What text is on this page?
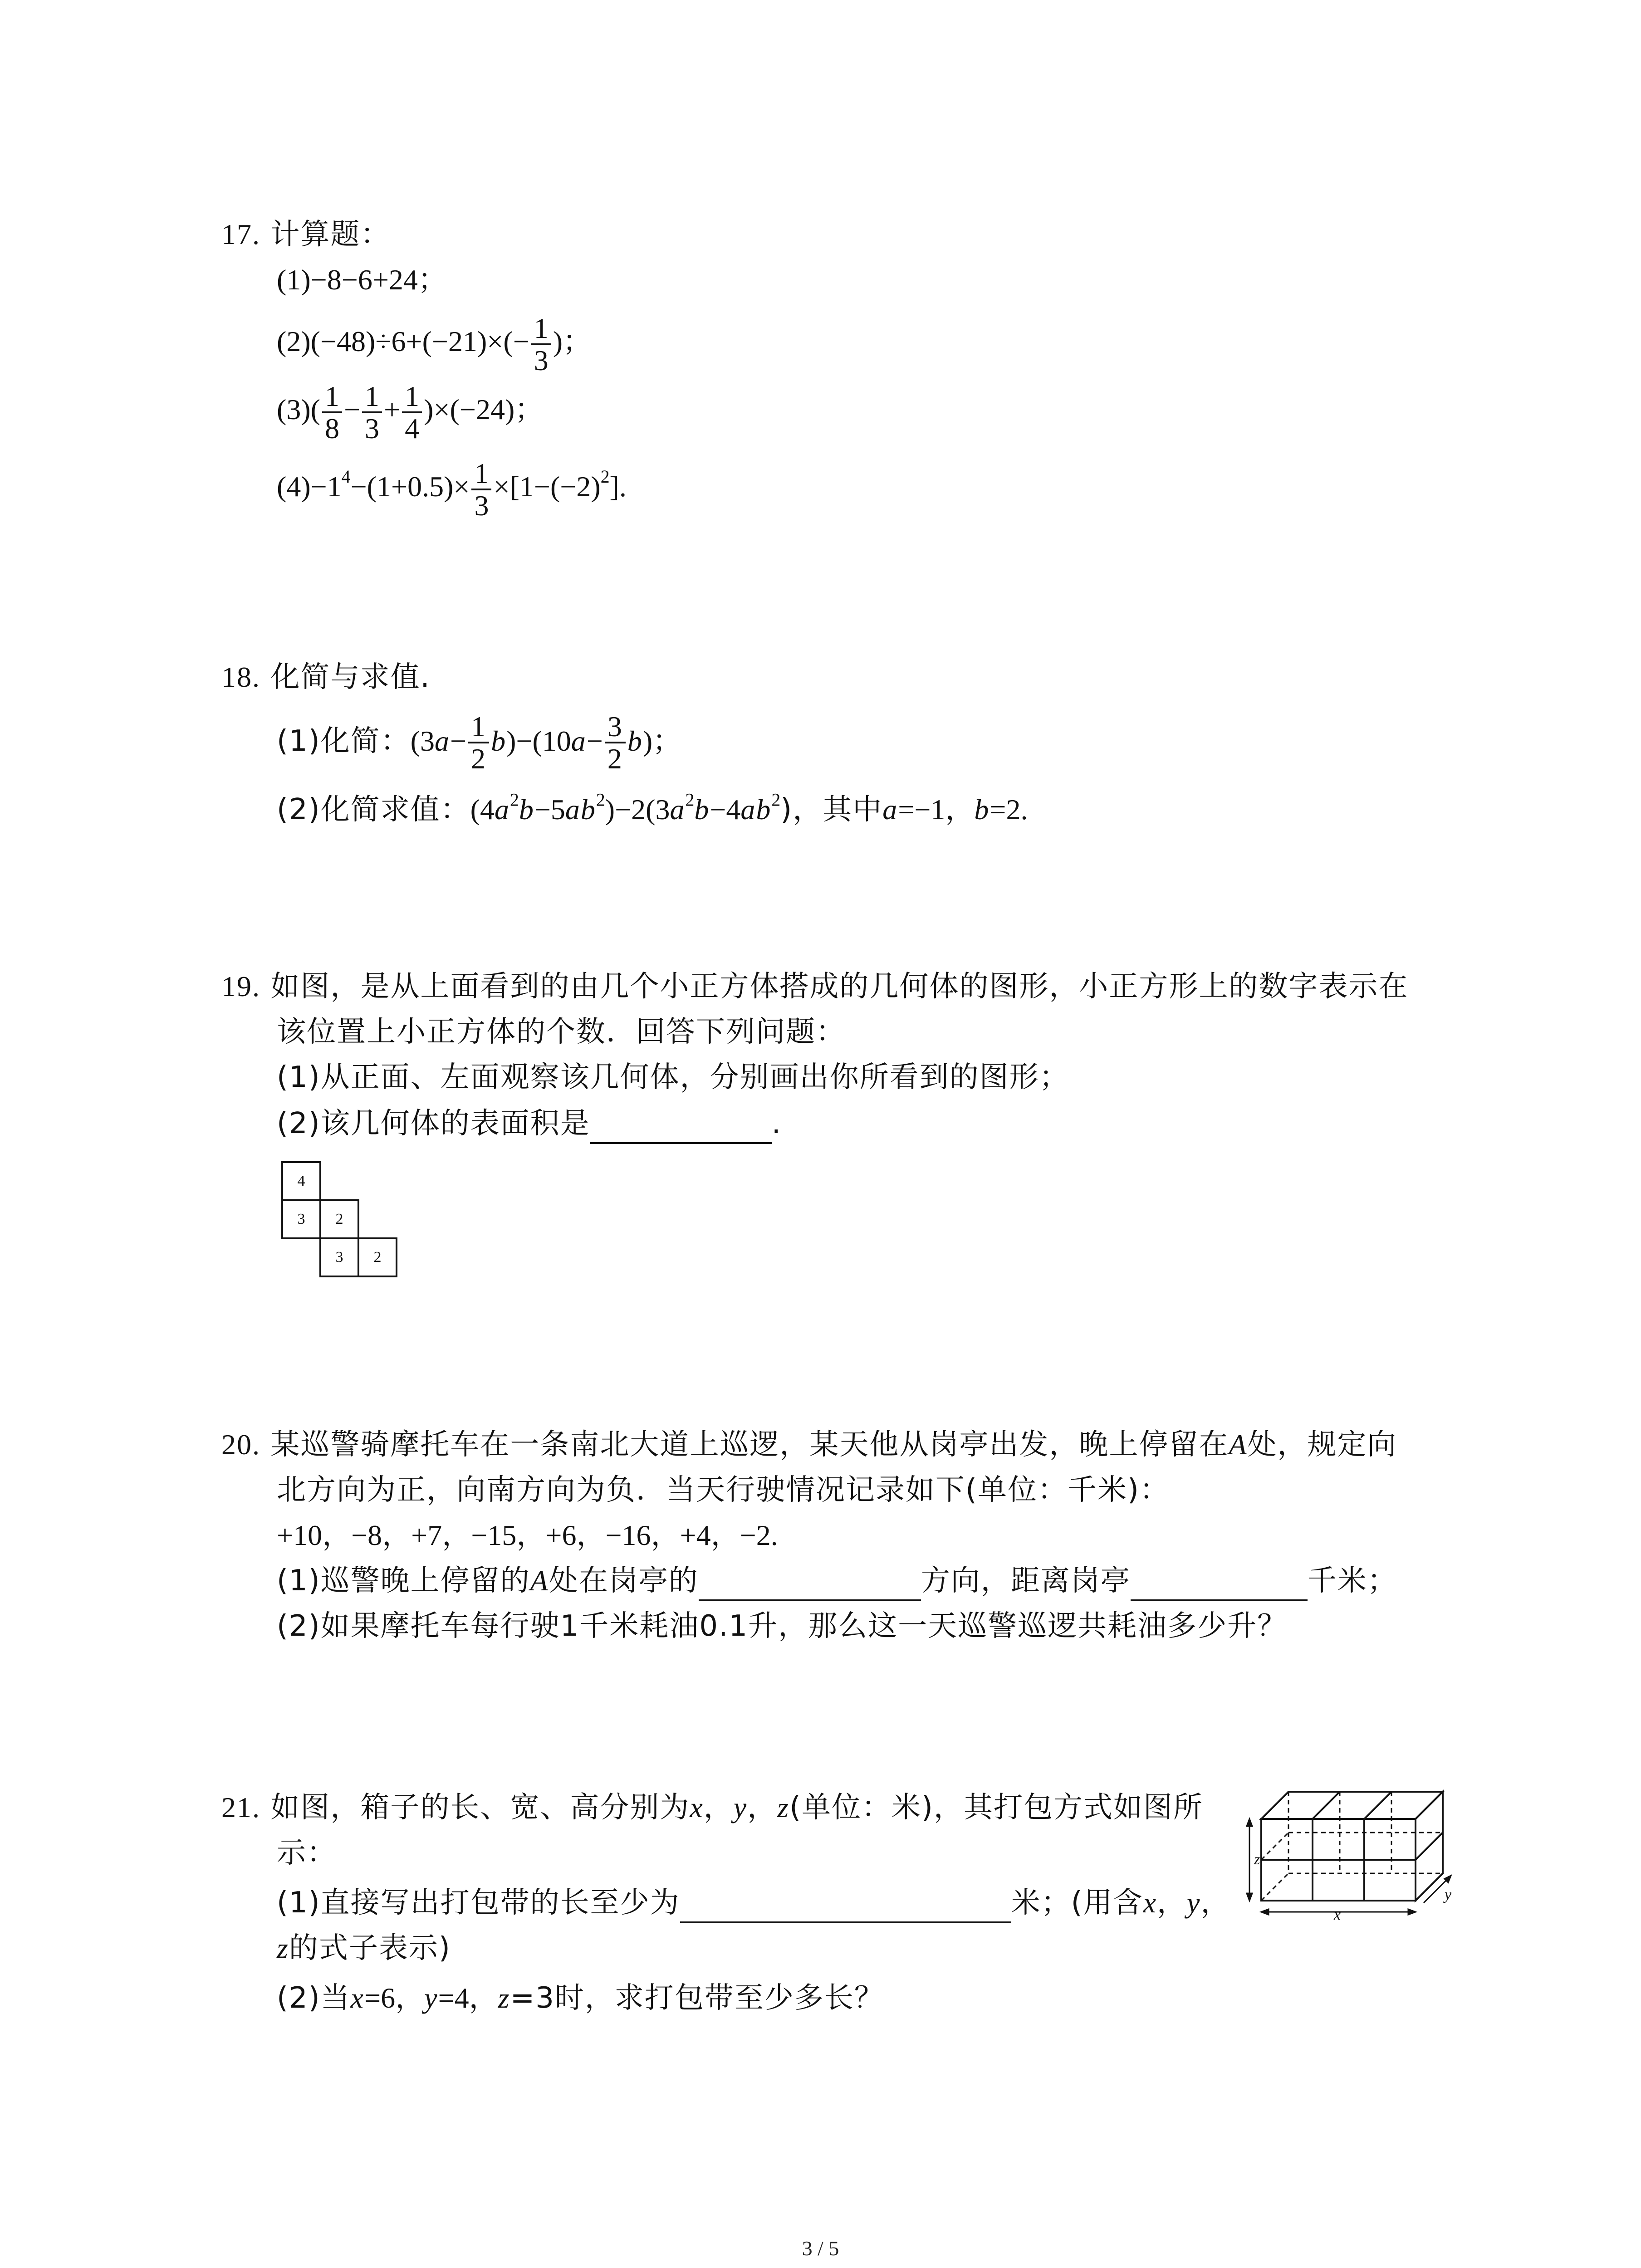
17. 计算题：
(1)−8−6+24；
$(2)(-48)\div 6+(-21)\times(- \frac{1}{3}$ )；
$(3)( \frac{1}{8} - \frac{1}{3} + \frac{1}{4} )\times(-24)$；
$(4)-1^4-(1+0.5)\times \frac{1}{3} \times[1-(-2)^2]$.
18. 化简与求值.
(1)化简：$(3a- \frac{1}{2} b)-(10a- \frac{3}{2} b)$；
(2)化简求值：$(4a^2b-5ab^2)-2(3a^2b-4ab^2)$，其中a=−1，b=2.
19. 如图，是从上面看到的由几个小正方体搭成的几何体的图形，小正方形上的数字表示在
该位置上小正方体的个数．回答下列问题：
(1)从正面、左面观察该几何体，分别画出你所看到的图形；
(2)该几何体的表面积是	.
4
3	2
3	2
20. 某巡警骑摩托车在一条南北大道上巡逻，某天他从岗亭出发，晚上停留在A处，规定向
北方向为正，向南方向为负．当天行驶情况记录如下(单位：千米)：
+10，−8，+7，−15，+6，−16，+4，−2.
(1)巡警晚上停留的A处在岗亭的	方向，距离岗亭	千米；
(2)如果摩托车每行驶1千米耗油0.1升，那么这一天巡警巡逻共耗油多少升？
21. 如图，箱子的长、宽、高分别为x，y，z(单位：米)，其打包方式如图所
示：
(1)直接写出打包带的长至少为	米；(用含x，y，
z的式子表示)
(2)当x=6，y=4，z=3时，求打包带至少多长？
z
x
y
3 / 5
